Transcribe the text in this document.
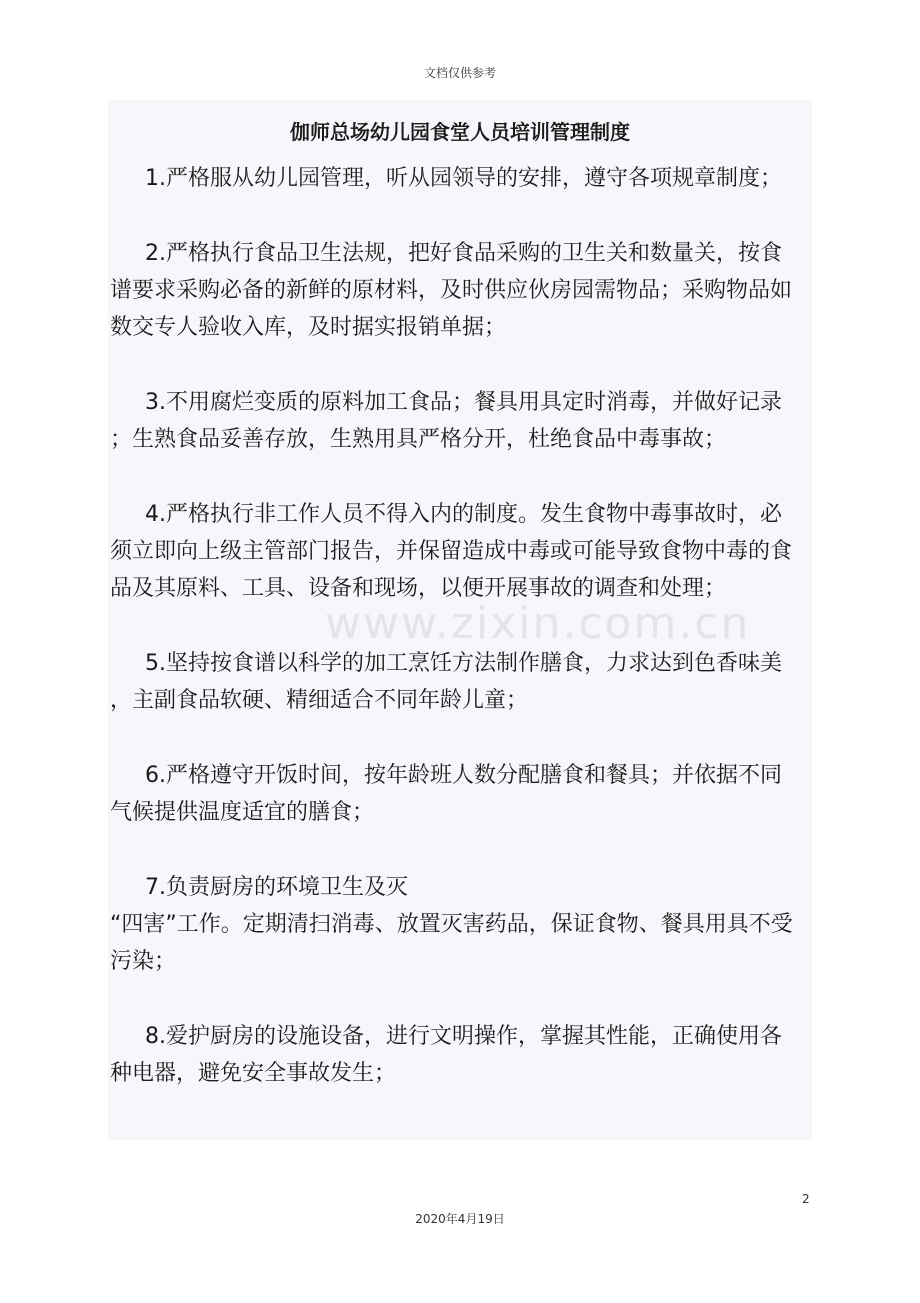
文档仅供参考
伽师总场幼儿园食堂人员培训管理制度
1.严格服从幼儿园管理，听从园领导的安排，遵守各项规章制度；
2.严格执行食品卫生法规，把好食品采购的卫生关和数量关，按食
谱要求采购必备的新鲜的原材料，及时供应伙房园需物品；采购物品如
数交专人验收入库，及时据实报销单据；
3.不用腐烂变质的原料加工食品；餐具用具定时消毒，并做好记录
；生熟食品妥善存放，生熟用具严格分开，杜绝食品中毒事故；
4.严格执行非工作人员不得入内的制度。发生食物中毒事故时，必
须立即向上级主管部门报告，并保留造成中毒或可能导致食物中毒的食
品及其原料、工具、设备和现场，以便开展事故的调查和处理；
5.坚持按食谱以科学的加工烹饪方法制作膳食，力求达到色香味美
，主副食品软硬、精细适合不同年龄儿童；
6.严格遵守开饭时间，按年龄班人数分配膳食和餐具；并依据不同
气候提供温度适宜的膳食；
7.负责厨房的环境卫生及灭
“四害”工作。定期清扫消毒、放置灭害药品，保证食物、餐具用具不受
污染；
8.爱护厨房的设施设备，进行文明操作，掌握其性能，正确使用各
种电器，避免安全事故发生；
www.zixin.com.cn
2
2020年4月19日
